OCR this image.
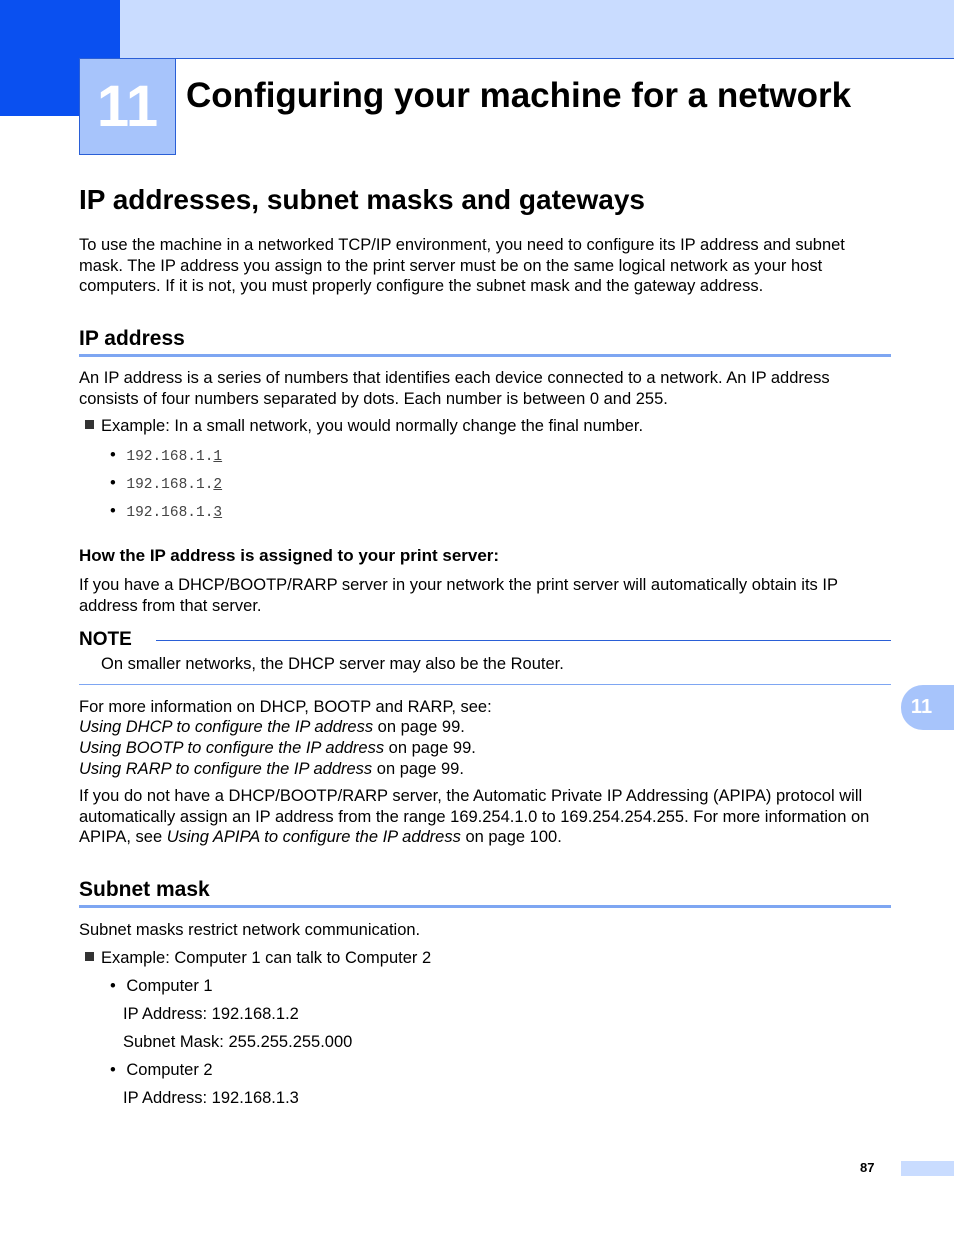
11 Configuring your machine for a network
IP addresses, subnet masks and gateways
To use the machine in a networked TCP/IP environment, you need to configure its IP address and subnet mask. The IP address you assign to the print server must be on the same logical network as your host computers. If it is not, you must properly configure the subnet mask and the gateway address.
IP address
An IP address is a series of numbers that identifies each device connected to a network. An IP address consists of four numbers separated by dots. Each number is between 0 and 255.
Example: In a small network, you would normally change the final number.
• 192.168.1.1
• 192.168.1.2
• 192.168.1.3
How the IP address is assigned to your print server:
If you have a DHCP/BOOTP/RARP server in your network the print server will automatically obtain its IP address from that server.
NOTE
On smaller networks, the DHCP server may also be the Router.
For more information on DHCP, BOOTP and RARP, see:
Using DHCP to configure the IP address on page 99.
Using BOOTP to configure the IP address on page 99.
Using RARP to configure the IP address on page 99.
If you do not have a DHCP/BOOTP/RARP server, the Automatic Private IP Addressing (APIPA) protocol will automatically assign an IP address from the range 169.254.1.0 to 169.254.254.255. For more information on APIPA, see Using APIPA to configure the IP address on page 100.
11
Subnet mask
Subnet masks restrict network communication.
Example: Computer 1 can talk to Computer 2
• Computer 1
IP Address: 192.168.1.2
Subnet Mask: 255.255.255.000
• Computer 2
IP Address: 192.168.1.3
87
